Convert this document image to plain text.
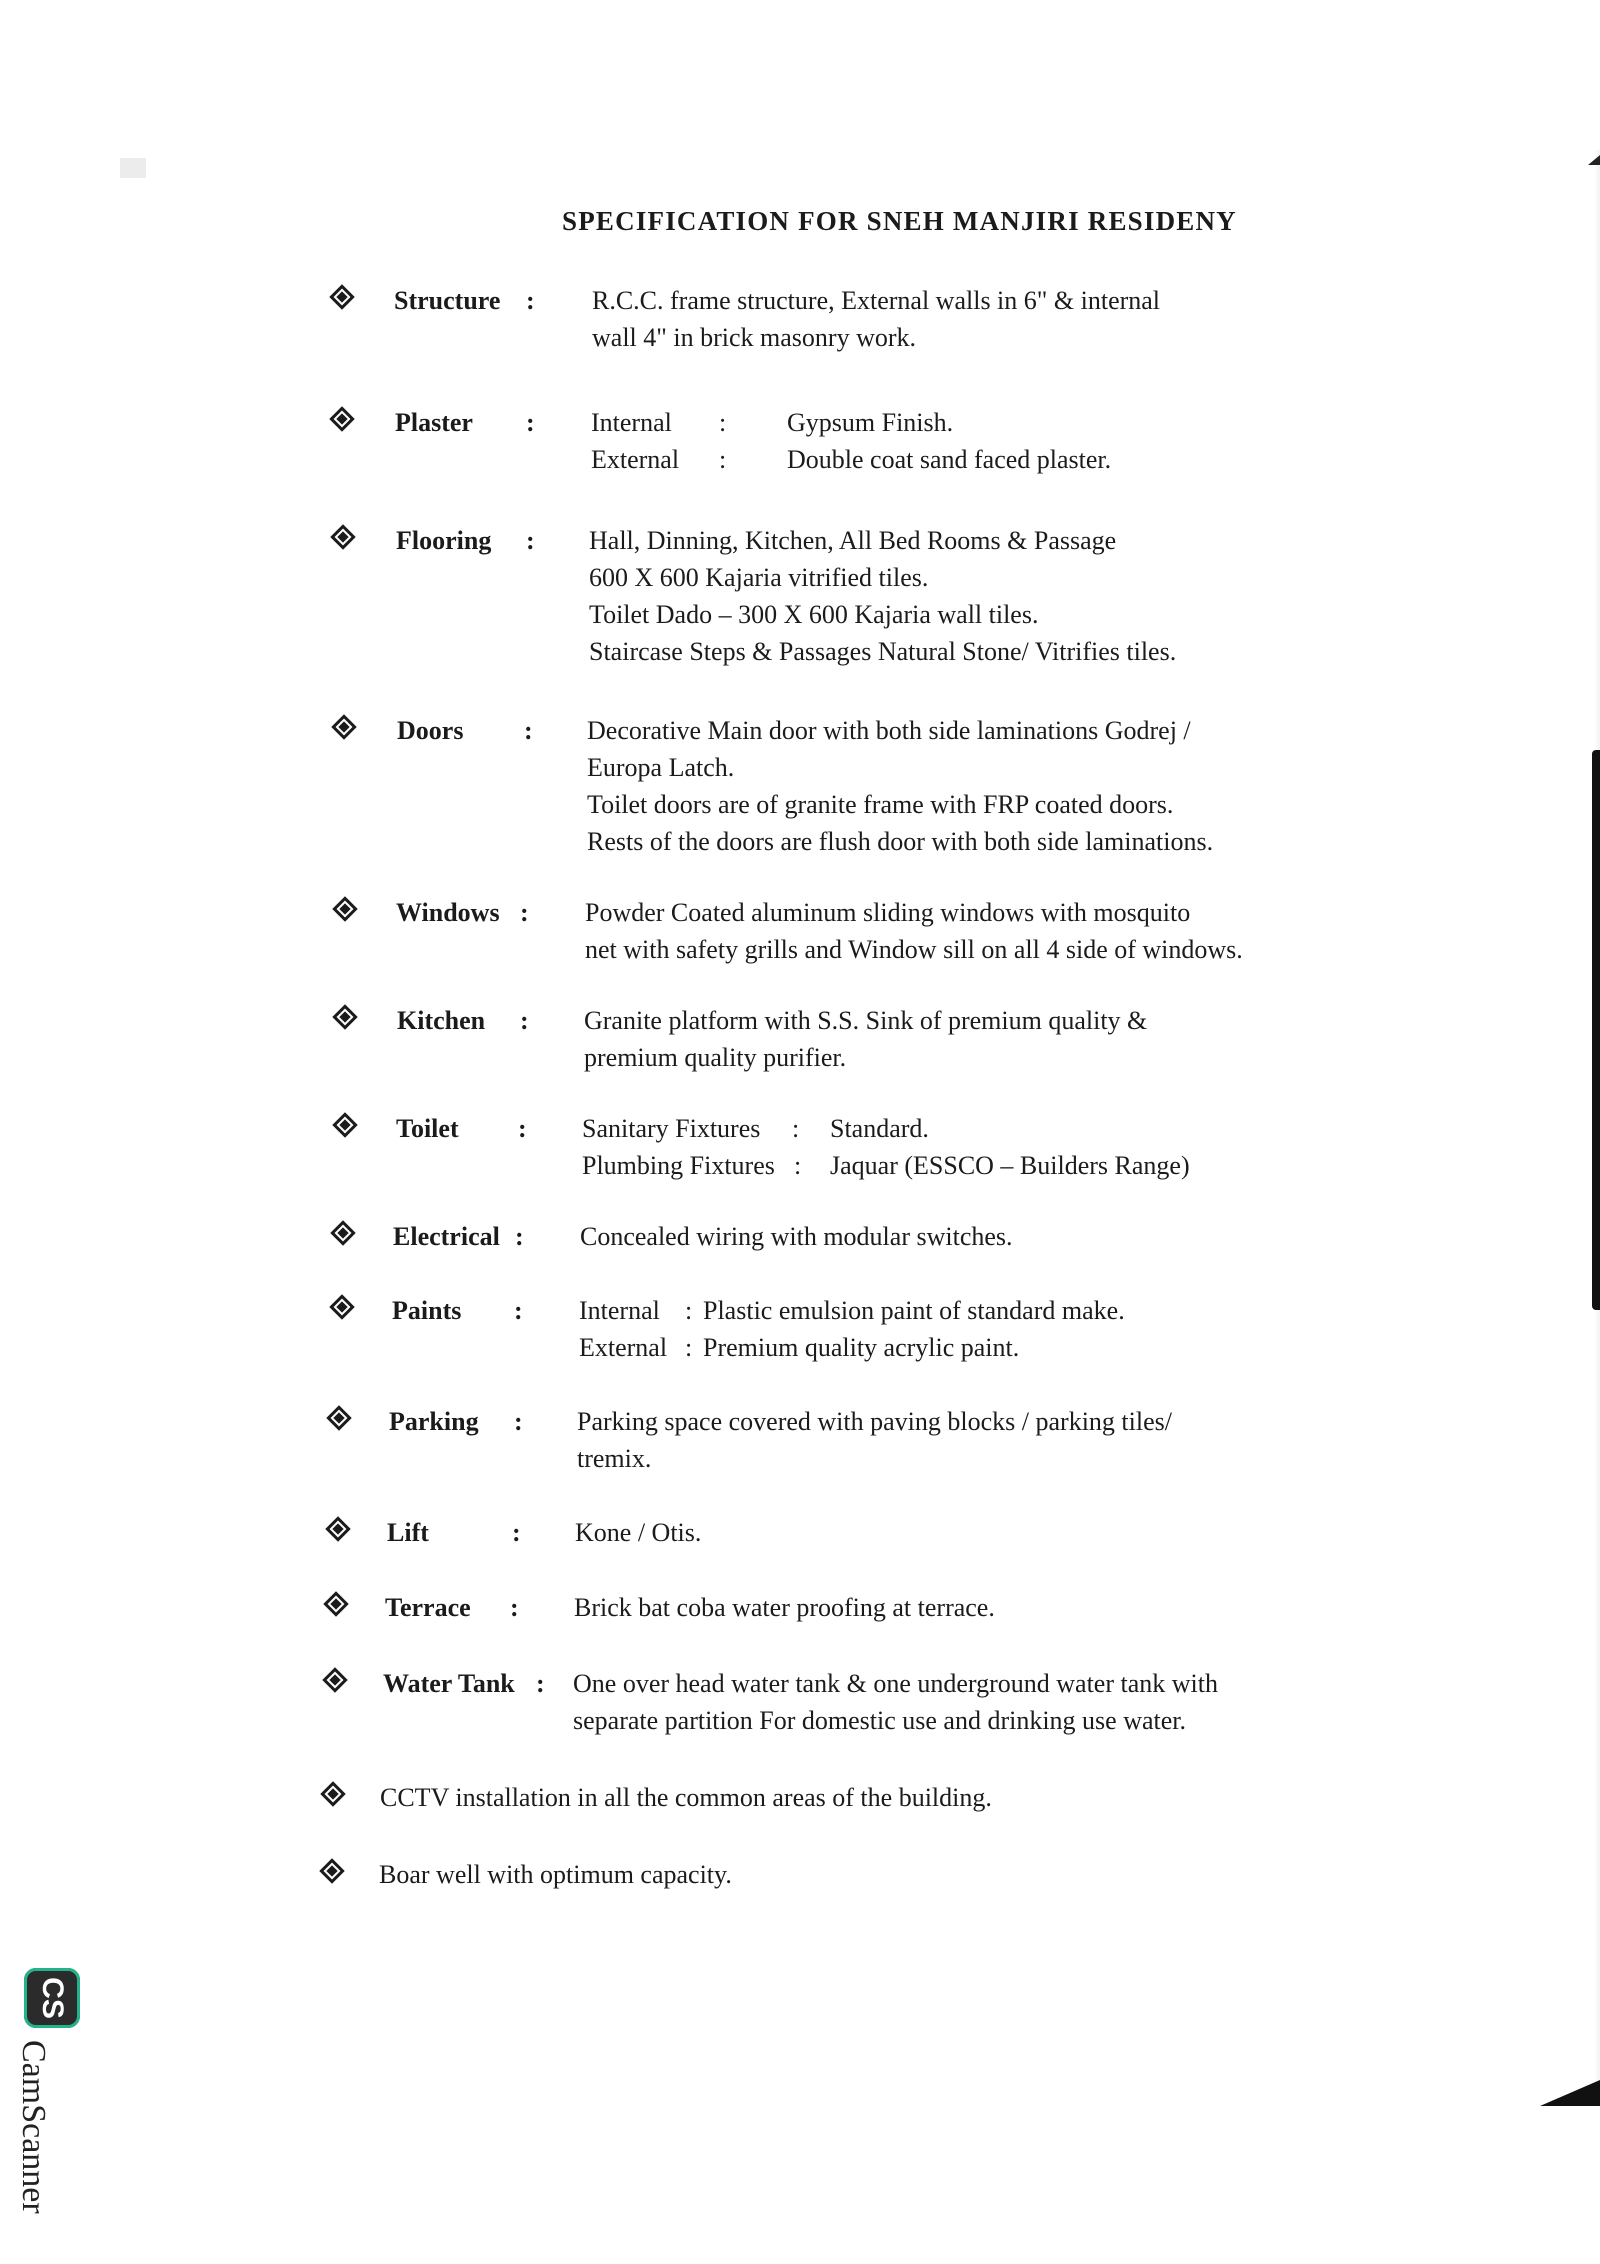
SPECIFICATION FOR SNEH MANJIRI RESIDENY
Structure : R.C.C. frame structure, External walls in 6" & internal
wall 4" in brick masonry work.
Plaster : Internal : Gypsum Finish.
External : Double coat sand faced plaster.
Flooring : Hall, Dinning, Kitchen, All Bed Rooms & Passage
600 X 600 Kajaria vitrified tiles.
Toilet Dado – 300 X 600 Kajaria wall tiles.
Staircase Steps & Passages Natural Stone/ Vitrifies tiles.
Doors : Decorative Main door with both side laminations Godrej /
Europa Latch.
Toilet doors are of granite frame with FRP coated doors.
Rests of the doors are flush door with both side laminations.
Windows : Powder Coated aluminum sliding windows with mosquito
net with safety grills and Window sill on all 4 side of windows.
Kitchen : Granite platform with S.S. Sink of premium quality &
premium quality purifier.
Toilet : Sanitary Fixtures : Standard.
Plumbing Fixtures : Jaquar (ESSCO – Builders Range)
Electrical : Concealed wiring with modular switches.
Paints : Internal : Plastic emulsion paint of standard make.
External : Premium quality acrylic paint.
Parking : Parking space covered with paving blocks / parking tiles/
tremix.
Lift	: Kone / Otis.
Terrace : Brick bat coba water proofing at terrace.
Water Tank : One over head water tank & one underground water tank with
separate partition For domestic use and drinking use water.
CCTV installation in all the common areas of the building.
Boar well with optimum capacity.
CS
CamScanner
